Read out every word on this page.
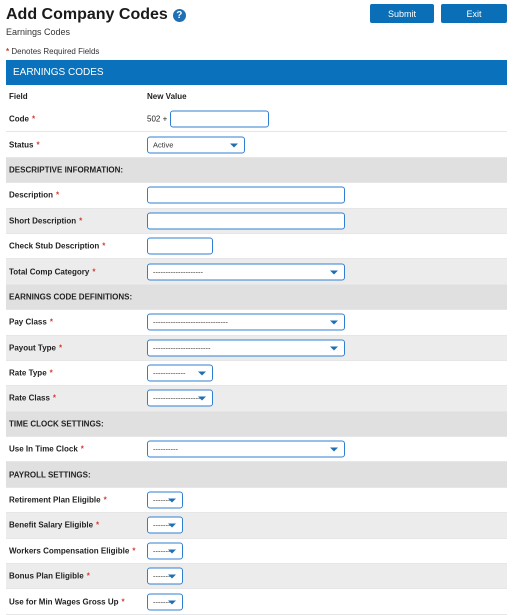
Add Company Codes ?
Earnings Codes
Submit	Exit
* Denotes Required Fields
EARNINGS CODES
Field	New Value
Code *	502 +
Status *	Active
DESCRIPTIVE INFORMATION:
Description *
Short Description *
Check Stub Description *
Total Comp Category *	--------------------
EARNINGS CODE DEFINITIONS:
Pay Class *	------------------------------
Payout Type *	-----------------------
Rate Type *	-------------
Rate Class *	--------------------
TIME CLOCK SETTINGS:
Use In Time Clock *	----------
PAYROLL SETTINGS:
Retirement Plan Eligible *	-------
Benefit Salary Eligible *	-------
Workers Compensation Eligible * -------
Bonus Plan Eligible *	-------
Use for Min Wages Gross Up *	-------
